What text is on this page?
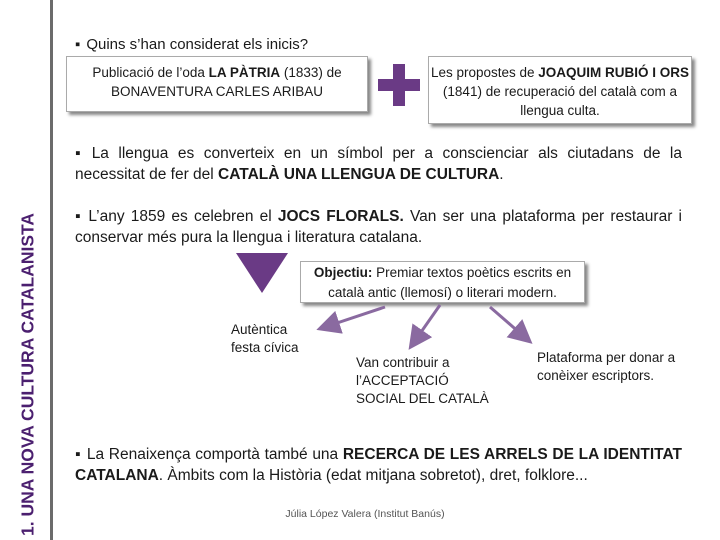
1. UNA NOVA CULTURA CATALANISTA
▪ Quins s’han considerat els inicis?
Publicació de l’oda LA PÀTRIA (1833) de BONAVENTURA CARLES ARIBAU
Les propostes de JOAQUIM RUBIÓ I ORS (1841) de recuperació del català com a llengua culta.
▪ La llengua es converteix en un símbol per a conscienciar als ciutadans de la necessitat de fer del CATALÀ UNA LLENGUA DE CULTURA.
▪ L’any 1859 es celebren el JOCS FLORALS. Van ser una plataforma per restaurar i conservar més pura la llengua i literatura catalana.
Objectiu: Premiar textos poètics escrits en català antic (llemosí) o literari modern.
Autèntica festa cívica
Van contribuir a l’ACCEPTACIÓ SOCIAL DEL CATALÀ
Plataforma per donar a conèixer escriptors.
▪ La Renaixença comportà també una RECERCA DE LES ARRELS DE LA IDENTITAT CATALANA. Àmbits com la Història (edat mitjana sobretot), dret, folklore...
Júlia López Valera (Institut Banús)
